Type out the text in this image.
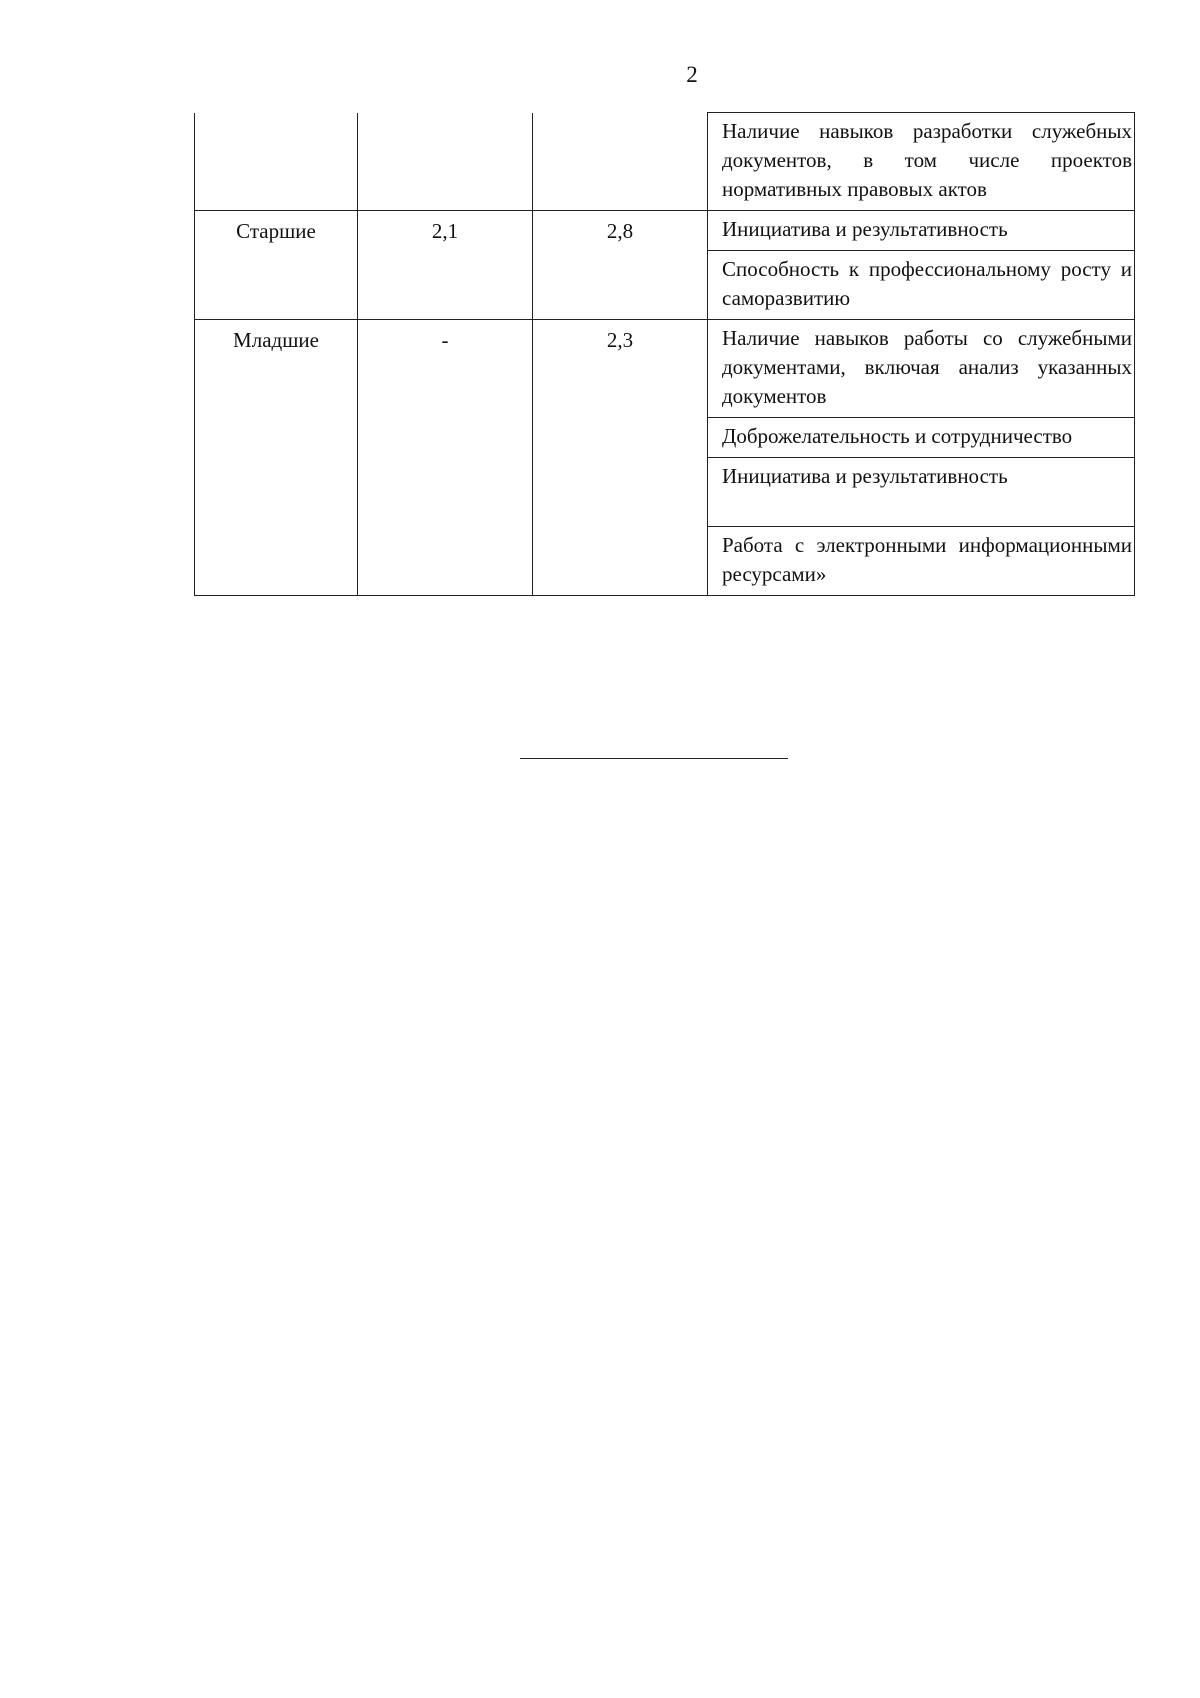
2

			Наличие навыков разработки служебных документов, в том числе проектов нормативных правовых актов

Старшие	2,1	2,8	Инициатива и результативность
Способность к профессиональному росту и саморазвитию

Младшие	-	2,3	Наличие навыков работы со служебными документами, включая анализ указанных документов
Доброжелательность и сотрудничество
Инициатива и результативность
Работа с электронными информационными ресурсами»
